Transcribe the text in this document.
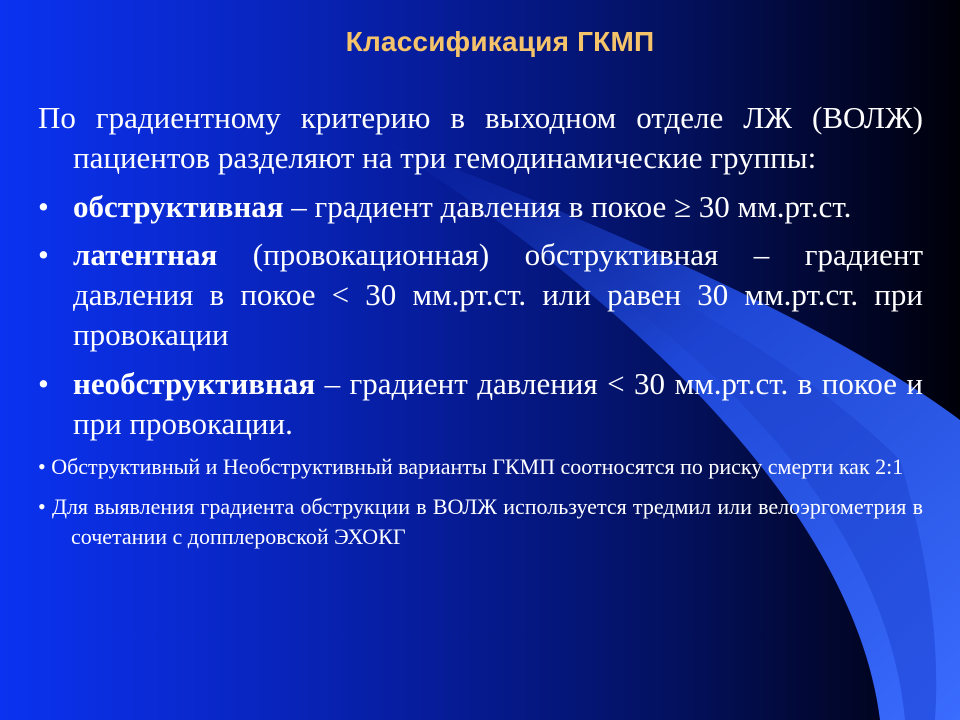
Классификация ГКМП

По градиентному критерию в выходном отделе ЛЖ (ВОЛЖ) пациентов разделяют на три гемодинамические группы:

• обструктивная – градиент давления в покое ≥ 30 мм.рт.ст.

• латентная (провокационная) обструктивная – градиент давления в покое < 30 мм.рт.ст. или равен 30 мм.рт.ст. при провокации

• необструктивная – градиент давления < 30 мм.рт.ст. в покое и при провокации.

• Обструктивный и Необструктивный варианты ГКМП соотносятся по риску смерти как 2:1

• Для выявления градиента обструкции в ВОЛЖ используется тредмил или велоэргометрия в сочетании с допплеровской ЭХОКГ
